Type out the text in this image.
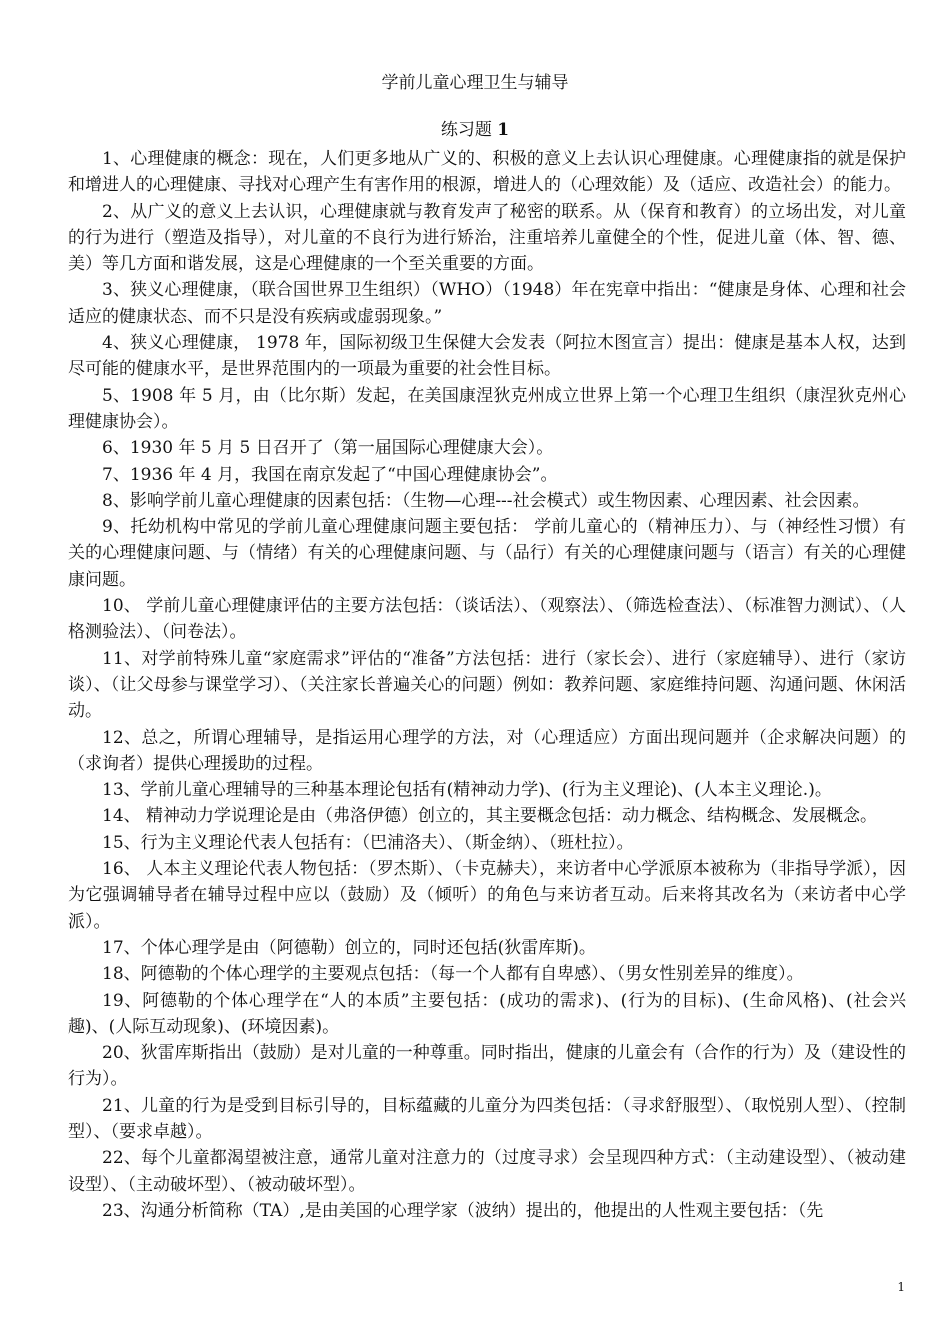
学前儿童心理卫生与辅导
练习题 1

1、心理健康的概念：现在，人们更多地从广义的、积极的意义上去认识心理健康。心理健康指的就是保护和增进人的心理健康、寻找对心理产生有害作用的根源，增进人的（心理效能）及（适应、改造社会）的能力。

2、从广义的意义上去认识，心理健康就与教育发声了秘密的联系。从（保育和教育）的立场出发，对儿童的行为进行（塑造及指导），对儿童的不良行为进行矫治，注重培养儿童健全的个性，促进儿童（体、智、德、美）等几方面和谐发展，这是心理健康的一个至关重要的方面。

3、狭义心理健康，（联合国世界卫生组织）（WHO）（1948）年在宪章中指出：“健康是身体、心理和社会适应的健康状态、而不只是没有疾病或虚弱现象。”

4、狭义心理健康， 1978 年，国际初级卫生保健大会发表（阿拉木图宣言）提出：健康是基本人权，达到尽可能的健康水平，是世界范围内的一项最为重要的社会性目标。

5、1908 年 5 月，由（比尔斯）发起，在美国康涅狄克州成立世界上第一个心理卫生组织（康涅狄克州心理健康协会）。

6、1930 年 5 月 5 日召开了（第一届国际心理健康大会）。

7、1936 年 4 月，我国在南京发起了“中国心理健康协会”。

8、影响学前儿童心理健康的因素包括：（生物—心理---社会模式）或生物因素、心理因素、社会因素。

9、托幼机构中常见的学前儿童心理健康问题主要包括： 学前儿童心的（精神压力）、与（神经性习惯）有关的心理健康问题、与（情绪）有关的心理健康问题、与（品行）有关的心理健康问题与（语言）有关的心理健康问题。

10、 学前儿童心理健康评估的主要方法包括：（谈话法）、（观察法）、（筛选检查法）、（标准智力测试）、（人格测验法）、（问卷法）。

11、对学前特殊儿童“家庭需求”评估的“准备”方法包括：进行（家长会）、进行（家庭辅导）、进行（家访谈）、（让父母参与课堂学习）、（关注家长普遍关心的问题）例如：教养问题、家庭维持问题、沟通问题、休闲活动。

12、总之，所谓心理辅导，是指运用心理学的方法，对（心理适应）方面出现问题并（企求解决问题）的（求询者）提供心理援助的过程。

13、学前儿童心理辅导的三种基本理论包括有(精神动力学)、(行为主义理论)、(人本主义理论.)。

14、 精神动力学说理论是由（弗洛伊德）创立的，其主要概念包括：动力概念、结构概念、发展概念。

15、行为主义理论代表人包括有：（巴浦洛夫）、（斯金纳）、（班杜拉）。

16、 人本主义理论代表人物包括：（罗杰斯）、（卡克赫夫），来访者中心学派原本被称为（非指导学派），因为它强调辅导者在辅导过程中应以（鼓励）及（倾听）的角色与来访者互动。后来将其改名为（来访者中心学派）。

17、个体心理学是由（阿德勒）创立的，同时还包括(狄雷库斯)。

18、阿德勒的个体心理学的主要观点包括：（每一个人都有自卑感）、（男女性别差异的维度）。

19、阿德勒的个体心理学在“人的本质”主要包括：(成功的需求)、(行为的目标)、(生命风格)、(社会兴趣)、(人际互动现象)、(环境因素)。

20、狄雷库斯指出（鼓励）是对儿童的一种尊重。同时指出，健康的儿童会有（合作的行为）及（建设性的行为）。

21、儿童的行为是受到目标引导的，目标蕴藏的儿童分为四类包括：（寻求舒服型）、（取悦别人型）、（控制型）、（要求卓越）。

22、每个儿童都渴望被注意，通常儿童对注意力的（过度寻求）会呈现四种方式：（主动建设型）、（被动建设型）、（主动破坏型）、（被动破坏型）。

23、沟通分析简称（TA）,是由美国的心理学家（波纳）提出的，他提出的人性观主要包括：（先

1
